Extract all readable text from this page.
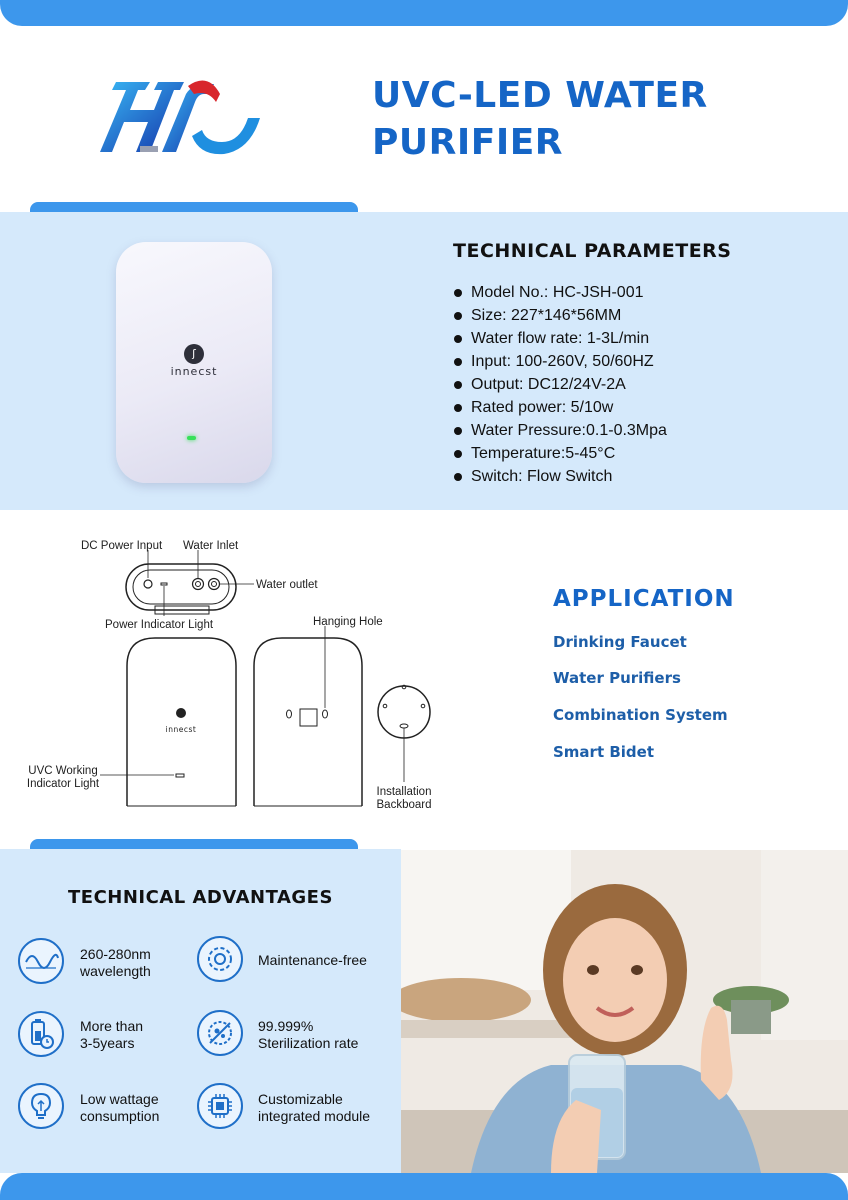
UVC-LED WATER
PURIFIER
ʃ
innecst
TECHNICAL PARAMETERS
Model No.: HC-JSH-001
Size: 227*146*56MM
Water flow rate: 1-3L/min
Input: 100-260V, 50/60HZ
Output: DC12/24V-2A
Rated power: 5/10w
Water Pressure:0.1-0.3Mpa
Temperature:5-45°C
Switch: Flow Switch
innecst
DC Power Input Water Inlet
Water outlet
Power Indicator Light	Hanging Hole
UVC Working
Indicator Light
Installation
Backboard
APPLICATION
Drinking Faucet
Water Purifiers
Combination System
Smart Bidet
TECHNICAL ADVANTAGES
260-280nm
wavelength
Maintenance-free
More than
3-5years
99.999%
Sterilization rate
Low wattage
consumption
Customizable
integrated module
